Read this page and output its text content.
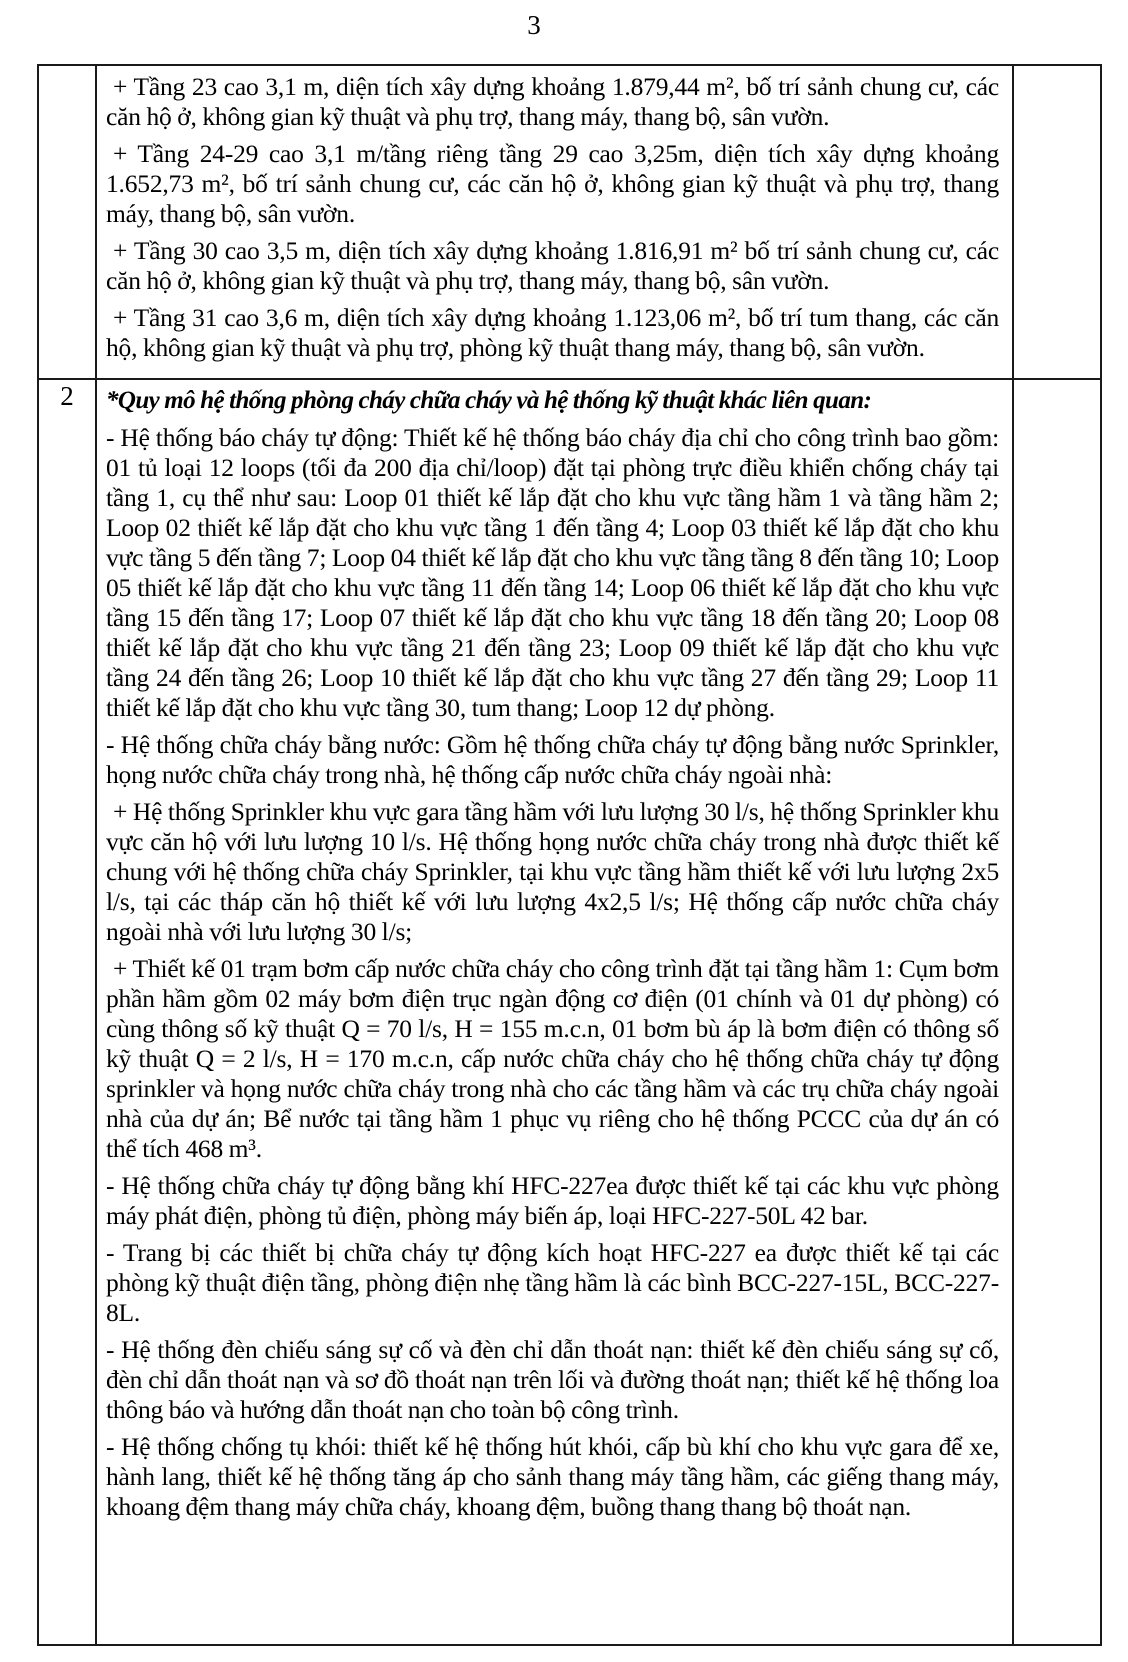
3

	+ Tầng 23 cao 3,1 m, diện tích xây dựng khoảng 1.879,44 m², bố trí sảnh chung cư, các căn hộ ở, không gian kỹ thuật và phụ trợ, thang máy, thang bộ, sân vườn.

+ Tầng 24-29 cao 3,1 m/tầng riêng tầng 29 cao 3,25m, diện tích xây dựng khoảng 1.652,73 m², bố trí sảnh chung cư, các căn hộ ở, không gian kỹ thuật và phụ trợ, thang máy, thang bộ, sân vườn.

+ Tầng 30 cao 3,5 m, diện tích xây dựng khoảng 1.816,91 m² bố trí sảnh chung cư, các căn hộ ở, không gian kỹ thuật và phụ trợ, thang máy, thang bộ, sân vườn.

+ Tầng 31 cao 3,6 m, diện tích xây dựng khoảng 1.123,06 m², bố trí tum thang, các căn hộ, không gian kỹ thuật và phụ trợ, phòng kỹ thuật thang máy, thang bộ, sân vườn.	

2	*Quy mô hệ thống phòng cháy chữa cháy và hệ thống kỹ thuật khác liên quan:

- Hệ thống báo cháy tự động: Thiết kế hệ thống báo cháy địa chỉ cho công trình bao gồm: 01 tủ loại 12 loops (tối đa 200 địa chỉ/loop) đặt tại phòng trực điều khiển chống cháy tại tầng 1, cụ thể như sau: Loop 01 thiết kế lắp đặt cho khu vực tầng hầm 1 và tầng hầm 2; Loop 02 thiết kế lắp đặt cho khu vực tầng 1 đến tầng 4; Loop 03 thiết kế lắp đặt cho khu vực tầng 5 đến tầng 7; Loop 04 thiết kế lắp đặt cho khu vực tầng tầng 8 đến tầng 10; Loop 05 thiết kế lắp đặt cho khu vực tầng 11 đến tầng 14; Loop 06 thiết kế lắp đặt cho khu vực tầng 15 đến tầng 17; Loop 07 thiết kế lắp đặt cho khu vực tầng 18 đến tầng 20; Loop 08 thiết kế lắp đặt cho khu vực tầng 21 đến tầng 23; Loop 09 thiết kế lắp đặt cho khu vực tầng 24 đến tầng 26; Loop 10 thiết kế lắp đặt cho khu vực tầng 27 đến tầng 29; Loop 11 thiết kế lắp đặt cho khu vực tầng 30, tum thang; Loop 12 dự phòng.

- Hệ thống chữa cháy bằng nước: Gồm hệ thống chữa cháy tự động bằng nước Sprinkler, họng nước chữa cháy trong nhà, hệ thống cấp nước chữa cháy ngoài nhà:

+ Hệ thống Sprinkler khu vực gara tầng hầm với lưu lượng 30 l/s, hệ thống Sprinkler khu vực căn hộ với lưu lượng 10 l/s. Hệ thống họng nước chữa cháy trong nhà được thiết kế chung với hệ thống chữa cháy Sprinkler, tại khu vực tầng hầm thiết kế với lưu lượng 2x5 l/s, tại các tháp căn hộ thiết kế với lưu lượng 4x2,5 l/s; Hệ thống cấp nước chữa cháy ngoài nhà với lưu lượng 30 l/s;

+ Thiết kế 01 trạm bơm cấp nước chữa cháy cho công trình đặt tại tầng hầm 1: Cụm bơm phần hầm gồm 02 máy bơm điện trục ngàn động cơ điện (01 chính và 01 dự phòng) có cùng thông số kỹ thuật Q = 70 l/s, H = 155 m.c.n, 01 bơm bù áp là bơm điện có thông số kỹ thuật Q = 2 l/s, H = 170 m.c.n, cấp nước chữa cháy cho hệ thống chữa cháy tự động sprinkler và họng nước chữa cháy trong nhà cho các tầng hầm và các trụ chữa cháy ngoài nhà của dự án; Bể nước tại tầng hầm 1 phục vụ riêng cho hệ thống PCCC của dự án có thể tích 468 m³.

- Hệ thống chữa cháy tự động bằng khí HFC-227ea được thiết kế tại các khu vực phòng máy phát điện, phòng tủ điện, phòng máy biến áp, loại HFC-227-50L 42 bar.

- Trang bị các thiết bị chữa cháy tự động kích hoạt HFC-227 ea được thiết kế tại các phòng kỹ thuật điện tầng, phòng điện nhẹ tầng hầm là các bình BCC-227-15L, BCC-227-8L.

- Hệ thống đèn chiếu sáng sự cố và đèn chỉ dẫn thoát nạn: thiết kế đèn chiếu sáng sự cố, đèn chỉ dẫn thoát nạn và sơ đồ thoát nạn trên lối và đường thoát nạn; thiết kế hệ thống loa thông báo và hướng dẫn thoát nạn cho toàn bộ công trình.

- Hệ thống chống tụ khói: thiết kế hệ thống hút khói, cấp bù khí cho khu vực gara để xe, hành lang, thiết kế hệ thống tăng áp cho sảnh thang máy tầng hầm, các giếng thang máy, khoang đệm thang máy chữa cháy, khoang đệm, buồng thang thang bộ thoát nạn.
